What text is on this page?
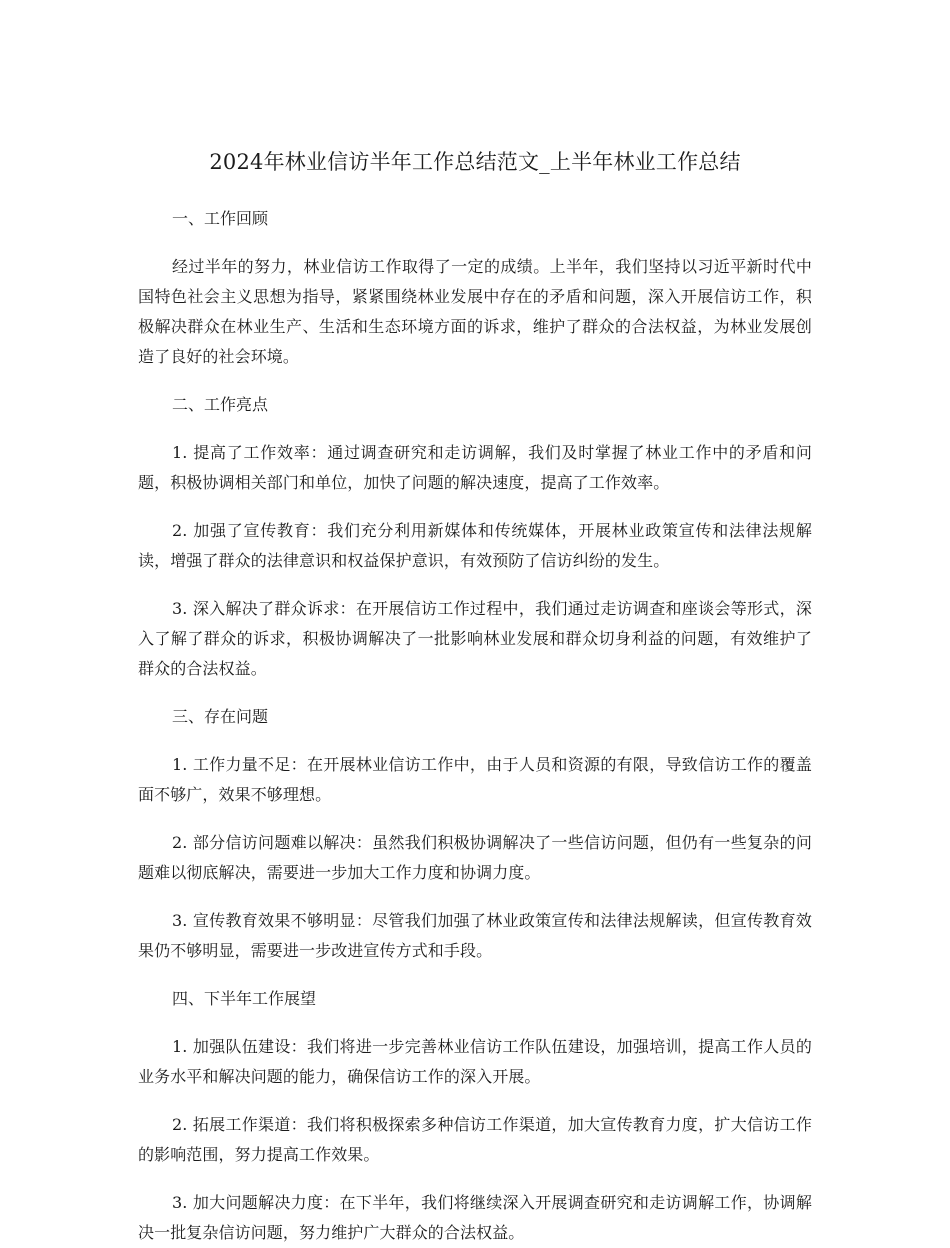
2024年林业信访半年工作总结范文_上半年林业工作总结

一、工作回顾

经过半年的努力，林业信访工作取得了一定的成绩。上半年，我们坚持以习近平新时代中国特色社会主义思想为指导，紧紧围绕林业发展中存在的矛盾和问题，深入开展信访工作，积极解决群众在林业生产、生活和生态环境方面的诉求，维护了群众的合法权益，为林业发展创造了良好的社会环境。

二、工作亮点

1. 提高了工作效率：通过调查研究和走访调解，我们及时掌握了林业工作中的矛盾和问题，积极协调相关部门和单位，加快了问题的解决速度，提高了工作效率。

2. 加强了宣传教育：我们充分利用新媒体和传统媒体，开展林业政策宣传和法律法规解读，增强了群众的法律意识和权益保护意识，有效预防了信访纠纷的发生。

3. 深入解决了群众诉求：在开展信访工作过程中，我们通过走访调查和座谈会等形式，深入了解了群众的诉求，积极协调解决了一批影响林业发展和群众切身利益的问题，有效维护了群众的合法权益。

三、存在问题

1. 工作力量不足：在开展林业信访工作中，由于人员和资源的有限，导致信访工作的覆盖面不够广，效果不够理想。

2. 部分信访问题难以解决：虽然我们积极协调解决了一些信访问题，但仍有一些复杂的问题难以彻底解决，需要进一步加大工作力度和协调力度。

3. 宣传教育效果不够明显：尽管我们加强了林业政策宣传和法律法规解读，但宣传教育效果仍不够明显，需要进一步改进宣传方式和手段。

四、下半年工作展望

1. 加强队伍建设：我们将进一步完善林业信访工作队伍建设，加强培训，提高工作人员的业务水平和解决问题的能力，确保信访工作的深入开展。

2. 拓展工作渠道：我们将积极探索多种信访工作渠道，加大宣传教育力度，扩大信访工作的影响范围，努力提高工作效果。

3. 加大问题解决力度：在下半年，我们将继续深入开展调查研究和走访调解工作，协调解决一批复杂信访问题，努力维护广大群众的合法权益。
